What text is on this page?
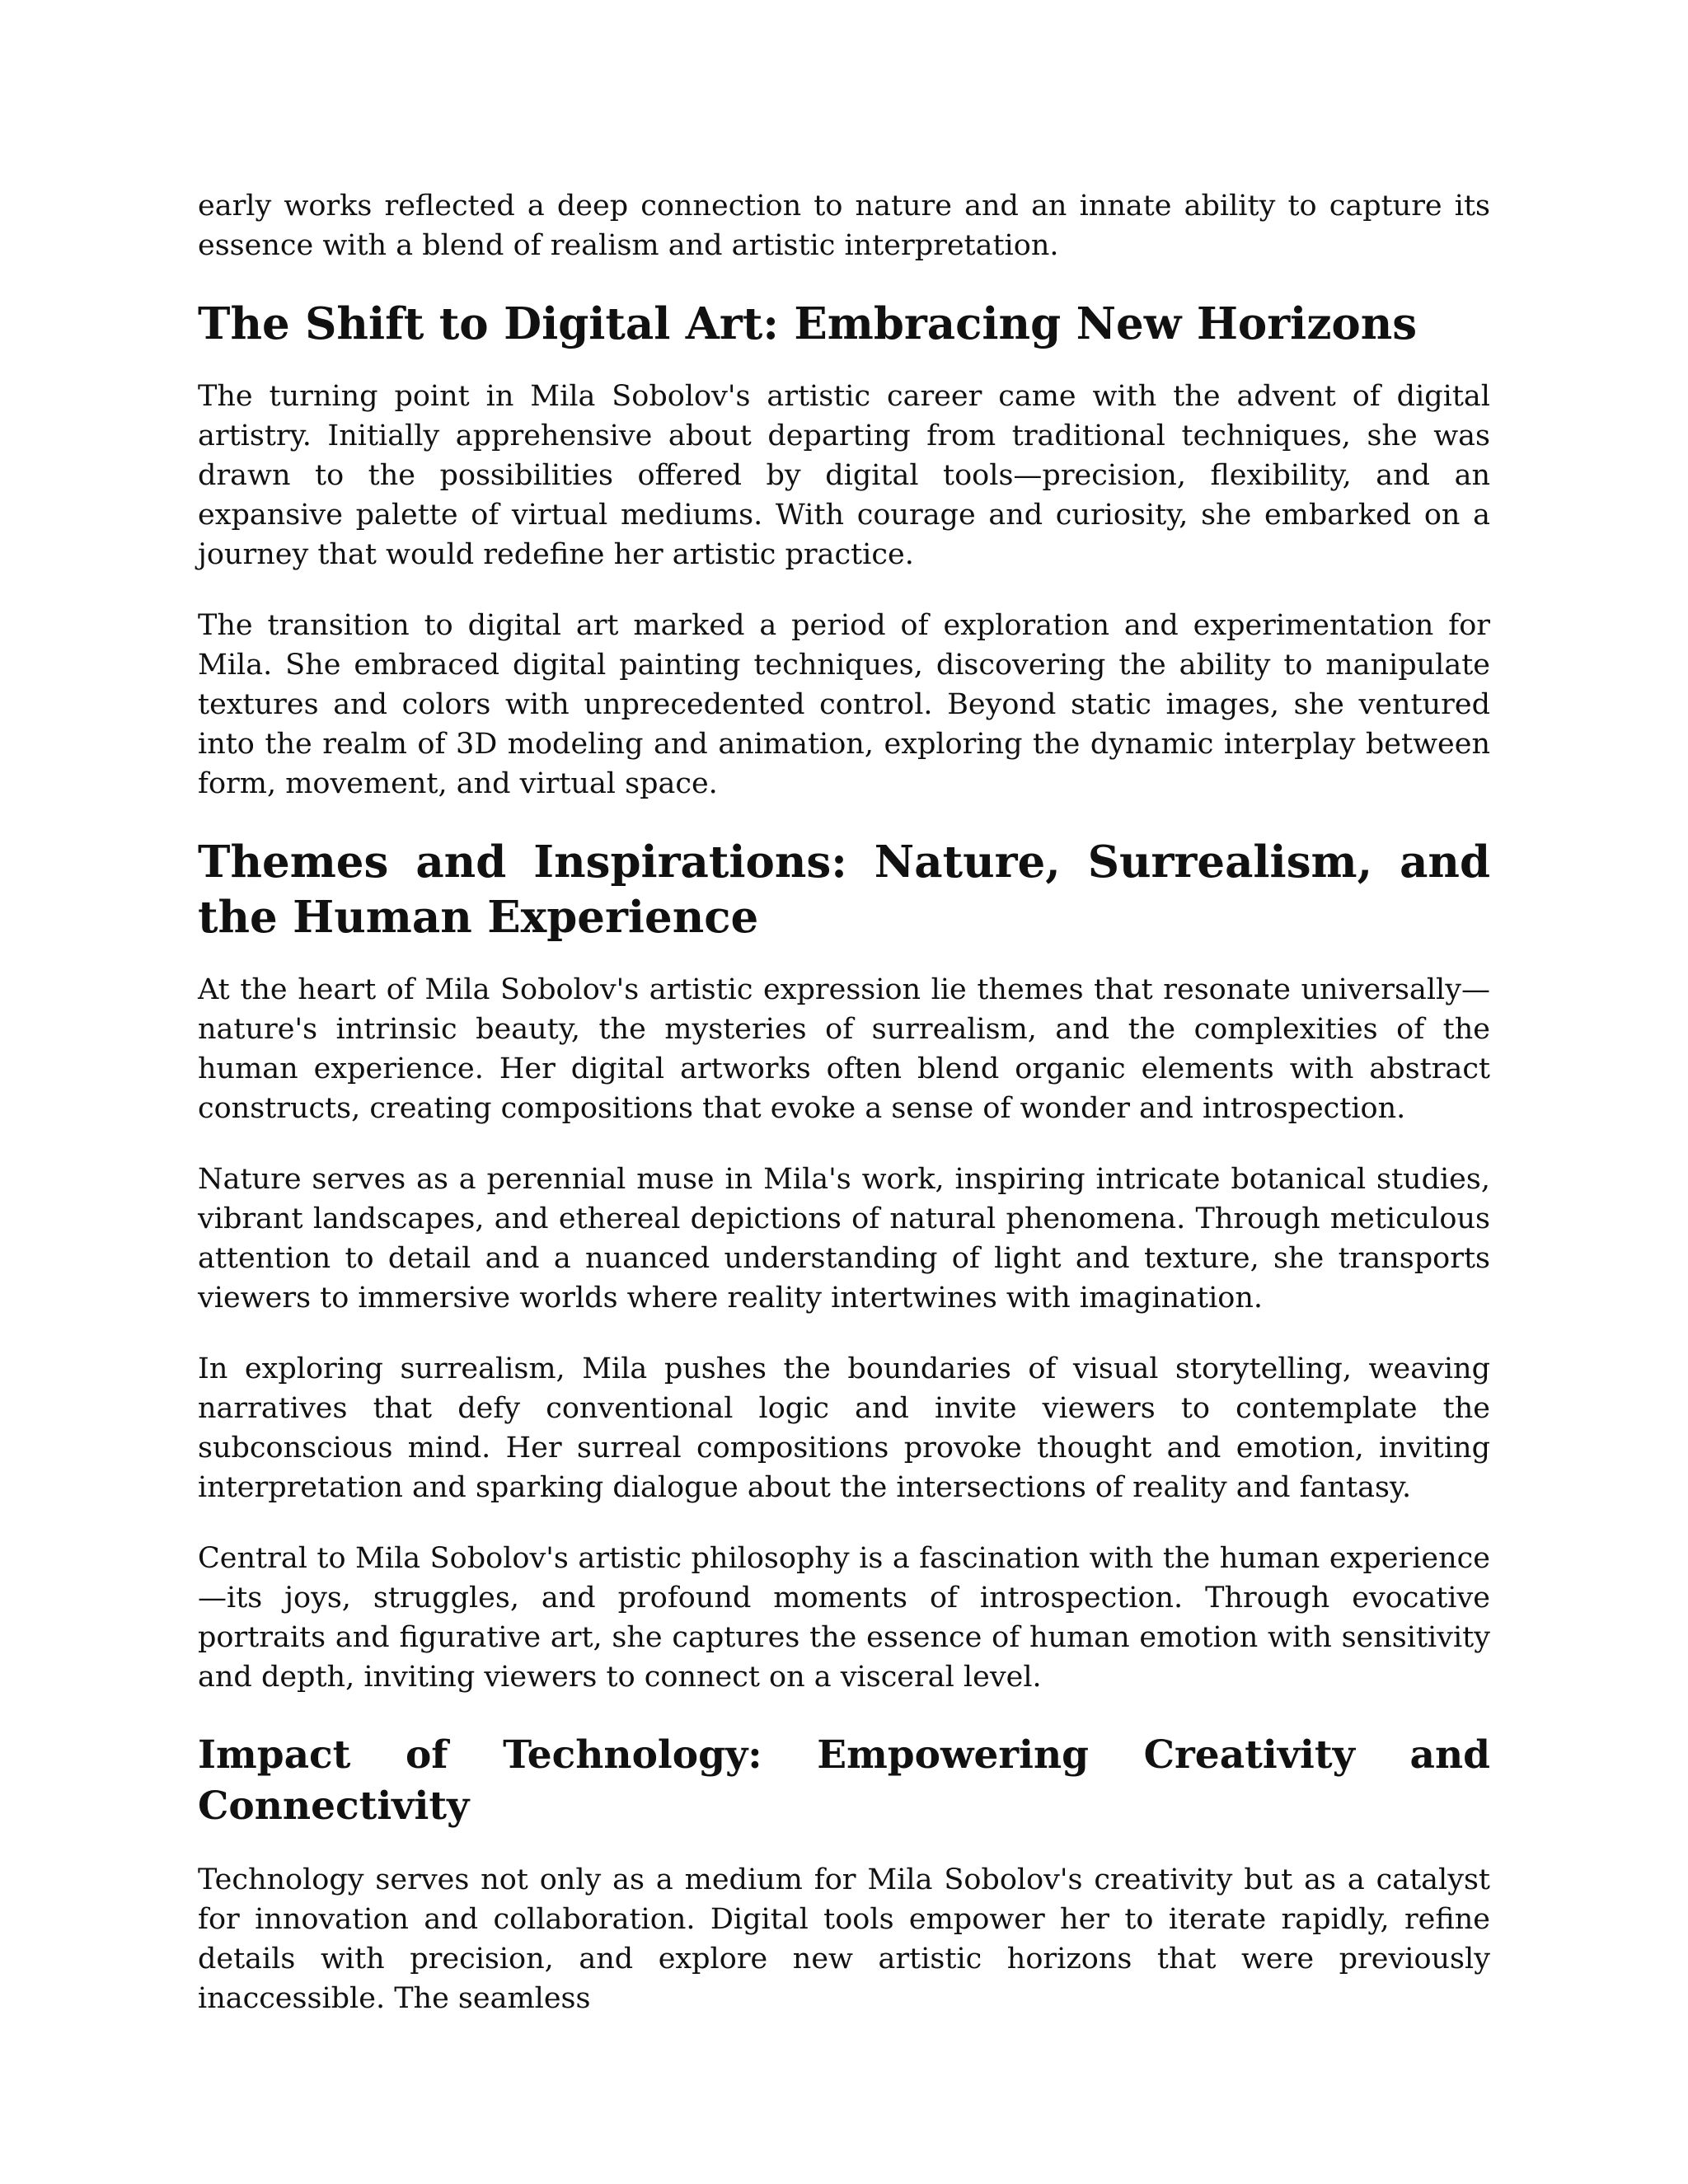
early works reflected a deep connection to nature and an innate ability to capture its essence with a blend of realism and artistic interpretation.

The Shift to Digital Art: Embracing New Horizons

The turning point in Mila Sobolov's artistic career came with the advent of digital artistry. Initially apprehensive about departing from traditional techniques, she was drawn to the possibilities offered by digital tools—precision, flexibility, and an expansive palette of virtual mediums. With courage and curiosity, she embarked on a journey that would redefine her artistic practice.

The transition to digital art marked a period of exploration and experimentation for Mila. She embraced digital painting techniques, discovering the ability to manipulate textures and colors with unprecedented control. Beyond static images, she ventured into the realm of 3D modeling and animation, exploring the dynamic interplay between form, movement, and virtual space.

Themes and Inspirations: Nature, Surrealism, and the Human Experience

At the heart of Mila Sobolov's artistic expression lie themes that resonate universally—nature's intrinsic beauty, the mysteries of surrealism, and the complexities of the human experience. Her digital artworks often blend organic elements with abstract constructs, creating compositions that evoke a sense of wonder and introspection.

Nature serves as a perennial muse in Mila's work, inspiring intricate botanical studies, vibrant landscapes, and ethereal depictions of natural phenomena. Through meticulous attention to detail and a nuanced understanding of light and texture, she transports viewers to immersive worlds where reality intertwines with imagination.

In exploring surrealism, Mila pushes the boundaries of visual storytelling, weaving narratives that defy conventional logic and invite viewers to contemplate the subconscious mind. Her surreal compositions provoke thought and emotion, inviting interpretation and sparking dialogue about the intersections of reality and fantasy.

Central to Mila Sobolov's artistic philosophy is a fascination with the human experience—its joys, struggles, and profound moments of introspection. Through evocative portraits and figurative art, she captures the essence of human emotion with sensitivity and depth, inviting viewers to connect on a visceral level.

Impact of Technology: Empowering Creativity and Connectivity

Technology serves not only as a medium for Mila Sobolov's creativity but as a catalyst for innovation and collaboration. Digital tools empower her to iterate rapidly, refine details with precision, and explore new artistic horizons that were previously inaccessible. The seamless
